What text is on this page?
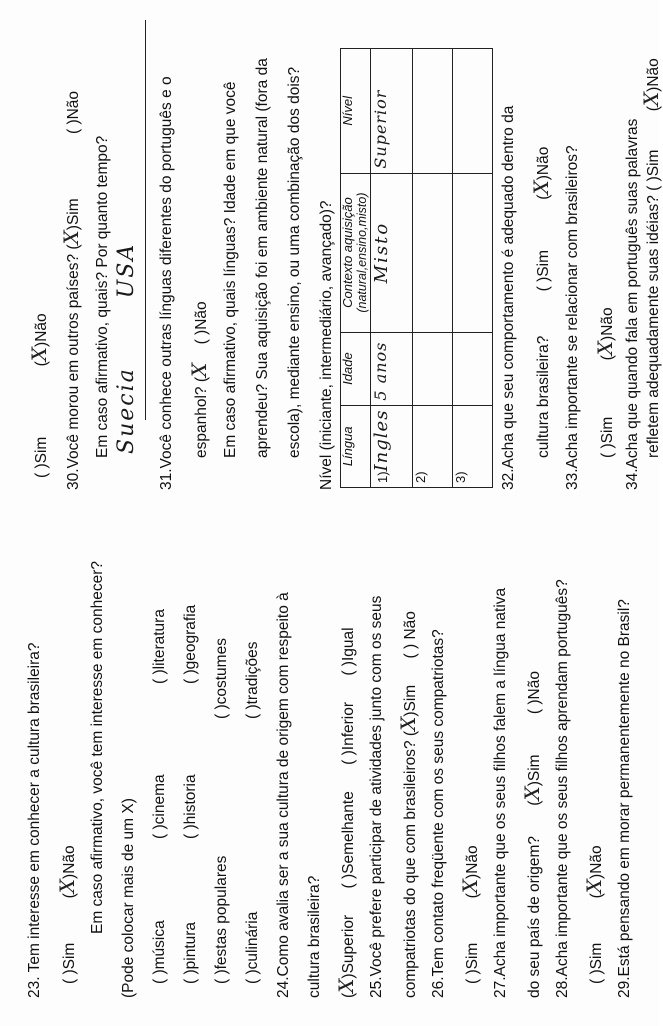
23. Tem interesse em conhecer a cultura brasileira? ( )Sim (X)Não Em caso afirmativo, você tem interesse em conhecer? (Pode colocar mais de um X) ( )música( )cinema( )literatura
( )pintura( )historia( )geografia
( )festas populares( )costumes
( )culinária( )tradições 24.Como avalia ser a sua cultura de origem com respeito à cultura brasileira? (X)Superior ( )Semelhante ( )Inferior ( )Igual 25.Você prefere participar de atividades junto com os seus compatriotas do que com brasileiros? (X)Sim ( ) Não 26.Tem contato freqüente com os seus compatriotas? ( )Sim (X)Não 27.Acha importante que os seus filhos falem a língua nativa do seu país de origem? (X)Sim ( )Não 28.Acha importante que os seus filhos aprendam português? ( )Sim (X)Não 29.Está pensando em morar permanentemente no Brasil?
( )Sim (X)Não 30.Você morou em outros países? (X)Sim ( )Não
Em caso afirmativo, quais? Por quanto tempo? Suecia USA 31.Você conhece outras línguas diferentes do português e o espanhol? (X ( )Não Em caso afirmativo, quais línguas? Idade em que você aprendeu? Sua aquisição foi em ambiente natural (fora da escola), mediante ensino, ou uma combinação dos dois? Nível (iniciante, intermediário, avançado)? Língua	Idade	Contexto aquisição
(natural,ensino,misto)	Nível
1)Ingles	5 anos	Misto	Superior
2)			
3)			32.Acha que seu comportamento é adequado dentro da cultura brasileira? ( )Sim (X)Não 33.Acha importante se relacionar com brasileiros? ( )Sim (X)Não 34.Acha que quando fala em português suas palavras refletem adequadamente suas idéias? ( )Sim (X)Não
